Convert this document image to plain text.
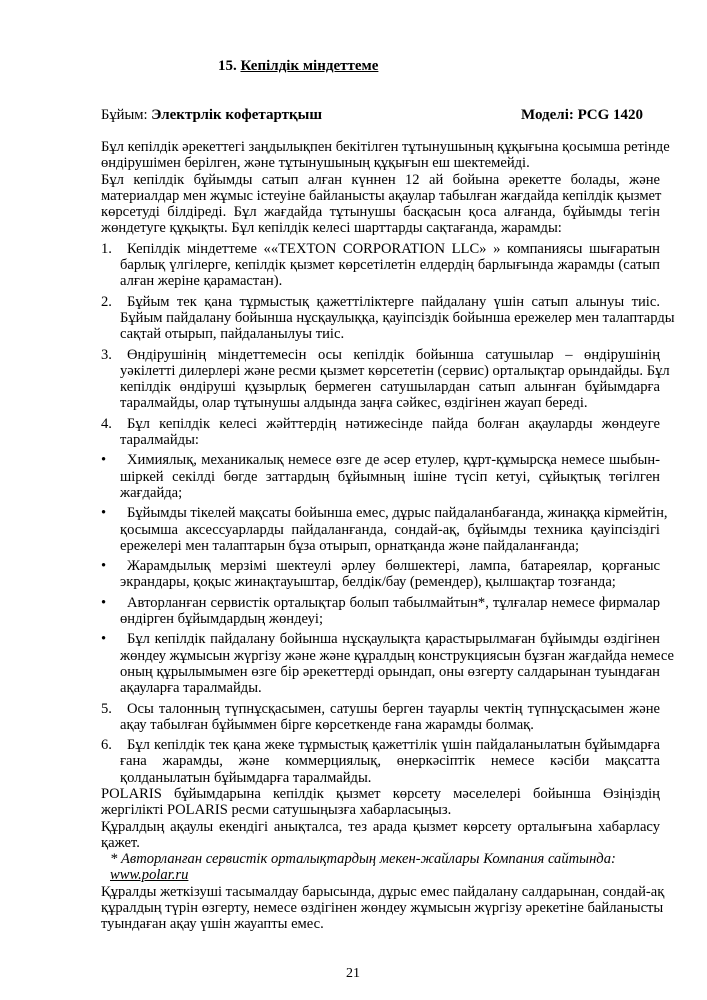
15. Кепілдік міндеттеме
Бұйым: Электрлік кофетартқыш	Моделі: PCG 1420
Бұл кепілдік әрекеттегі заңдылықпен бекітілген тұтынушының құқығына қосымша ретінде
өндірушімен берілген, және тұтынушының құқығын еш шектемейді.
Бұл кепілдік бұйымды сатып алған күннен 12 ай бойына әрекетте болады, және
материалдар мен жұмыс істеуіне байланысты ақаулар табылған жағдайда кепілдік қызмет
көрсетуді білдіреді. Бұл жағдайда тұтынушы басқасын қоса алғанда, бұйымды тегін
жөндетуге құқықты. Бұл кепілдік келесі шарттарды сақтағанда, жарамды:
1.	Кепілдік міндеттеме ««TEXTON CORPORATION LLC» » компаниясы шығаратын
барлық үлгілерге, кепілдік қызмет көрсетілетін елдердің барлығында жарамды (сатып
алған жеріне қарамастан).
2.	Бұйым тек қана тұрмыстық қажеттіліктерге пайдалану үшін сатып алынуы тиіс.
Бұйым пайдалану бойынша нұсқаулыққа, қауіпсіздік бойынша ережелер мен талаптарды
сақтай отырып, пайдаланылуы тиіс.
3.	Өндірушінің міндеттемесін осы кепілдік бойынша сатушылар – өндірушінің
уәкілетті дилерлері және ресми қызмет көрсететін (сервис) орталықтар орындайды. Бұл
кепілдік өндіруші құзырлық бермеген сатушылардан сатып алынған бұйымдарға
таралмайды, олар тұтынушы алдында заңға сәйкес, өздігінен жауап береді.
4.	Бұл кепілдік келесі жәйттердің нәтижесінде пайда болған ақауларды жөндеуге
таралмайды:
•	Химиялық, механикалық немесе өзге де әсер етулер, құрт-құмырсқа немесе шыбын-
шіркей секілді бөгде заттардың бұйымның ішіне түсіп кетуі, сұйықтық төгілген
жағдайда;
•	Бұйымды тікелей мақсаты бойынша емес, дұрыс пайдаланбағанда, жинаққа кірмейтін,
қосымша аксессуарларды пайдаланғанда, сондай-ақ, бұйымды техника қауіпсіздігі
ережелері мен талаптарын бұза отырып, орнатқанда және пайдаланғанда;
•	Жарамдылық мерзімі шектеулі әрлеу бөлшектері, лампа, батареялар, қорғаныс
экрандары, қоқыс жинақтауыштар, белдік/бау (ремендер), қылшақтар тозғанда;
•	Авторланған сервистік орталықтар болып табылмайтын*, тұлғалар немесе фирмалар
өндірген бұйымдардың жөндеуі;
•	Бұл кепілдік пайдалану бойынша нұсқаулықта қарастырылмаған бұйымды өздігінен
жөндеу жұмысын жүргізу және және құралдың конструкциясын бұзған жағдайда немесе
оның құрылымымен өзге бір әрекеттерді орындап, оны өзгерту салдарынан туындаған
ақауларға таралмайды.
5.	Осы талонның түпнұсқасымен, сатушы берген тауарлы чектің түпнұсқасымен және
ақау табылған бұйыммен бірге көрсеткенде ғана жарамды болмақ.
6.	Бұл кепілдік тек қана жеке тұрмыстық қажеттілік үшін пайдаланылатын бұйымдарға
ғана жарамды, және коммерциялық, өнеркәсіптік немесе кәсіби мақсатта
қолданылатын бұйымдарға таралмайды.
POLARIS бұйымдарына кепілдік қызмет көрсету мәселелері бойынша Өзіңіздің
жергілікті POLARIS ресми сатушыңызға хабарласыңыз.
Құралдың ақаулы екендігі анықталса, тез арада қызмет көрсету орталығына хабарласу
қажет.
* Авторланған сервистік орталықтардың мекен-жайлары Компания сайтында:
www.polar.ru
Құралды жеткізуші тасымалдау барысында, дұрыс емес пайдалану салдарынан, сондай-ақ
құралдың түрін өзгерту, немесе өздігінен жөндеу жұмысын жүргізу әрекетіне байланысты
туындаған ақау үшін жауапты емес.
21
